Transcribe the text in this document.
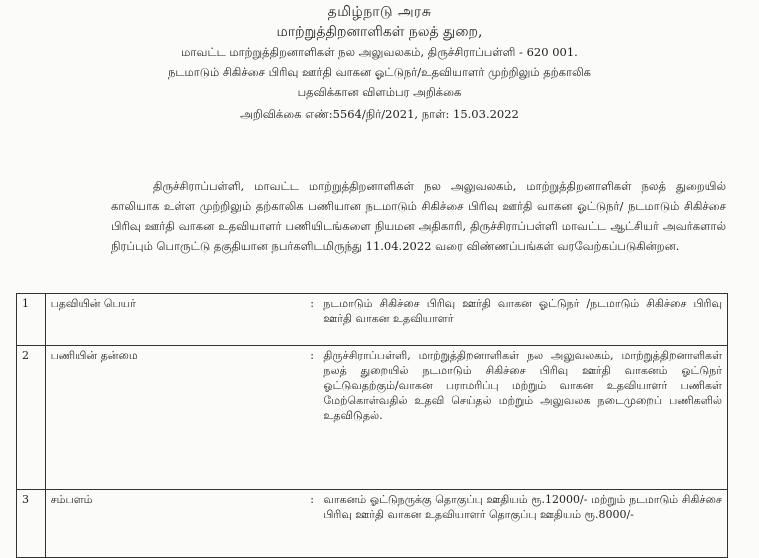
தமிழ்நாடு அரசு
மாற்றுத்திறனாளிகள் நலத் துறை,
மாவட்ட மாற்றுத்திறனாளிகள் நல அலுவலகம், திருச்சிராப்பள்ளி - 620 001.
நடமாடும் சிகிச்சை பிரிவு ஊர்தி வாகன ஓட்டுநர்/உதவியாளர் முற்றிலும் தற்காலிக
பதவிக்கான விளம்பர அறிக்கை
அறிவிக்கை எண்:5564/நிர்/2021, நாள்: 15.03.2022
திருச்சிராப்பள்ளி, மாவட்ட மாற்றுத்திறனாளிகள் நல அலுவலகம், மாற்றுத்திறனாளிகள் நலத் துறையில் காலியாக உள்ள முற்றிலும் தற்காலிக பணியான நடமாடும் சிகிச்சை பிரிவு ஊர்தி வாகன ஓட்டுநர்/ நடமாடும் சிகிச்சை பிரிவு ஊர்தி வாகன உதவியாளர் பணியிடங்களை நியமன அதிகாரி, திருச்சிராப்பள்ளி மாவட்ட ஆட்சியர் அவர்களால் நிரப்பும் பொருட்டு தகுதியான நபர்களிடமிருந்து 11.04.2022 வரை விண்ணப்பங்கள் வரவேற்கப்படுகின்றன.
1	பதவியின் பெயர்	:	நடமாடும் சிகிச்சை பிரிவு ஊர்தி வாகன ஓட்டுநர் /நடமாடும் சிகிச்சை பிரிவு ஊர்தி வாகன உதவியாளர்
2	பணியின் தன்மை	:	திருச்சிராப்பள்ளி, மாற்றுத்திறனாளிகள் நல அலுவலகம், மாற்றுத்திறனாளிகள் நலத் துறையில் நடமாடும் சிகிச்சை பிரிவு ஊர்தி வாகனம் ஓட்டுநர் ஓட்டுவதற்கும்/வாகன பராமரிப்பு மற்றும் வாகன உதவியாளர் பணிகள் மேற்கொள்வதில் உதவி செய்தல் மற்றும் அலுவலக நடைமுறைப் பணிகளில் உதவிடுதல்.
3	சம்பளம்	:	வாகனம் ஓட்டுநருக்கு தொகுப்பு ஊதியம் ரூ.12000/- மற்றும் நடமாடும் சிகிச்சை பிரிவு ஊர்தி வாகன உதவியாளர் தொகுப்பு ஊதியம் ரூ.8000/-
